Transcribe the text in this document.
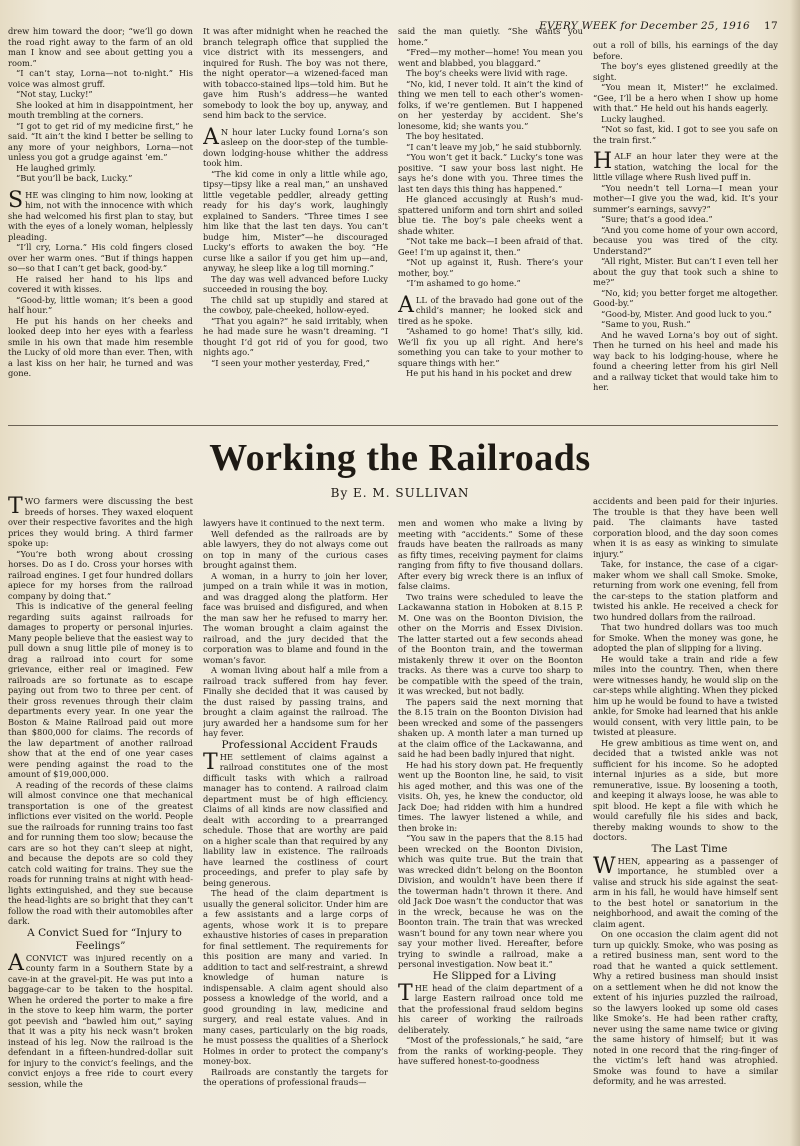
EVERY WEEK for December 25, 1916 17

drew him toward the door; “we’ll go down the road right away to the farm of an old man I know and see about getting you a room.”

“I can’t stay, Lorna—not to-night.” His voice was almost gruff.

“Not stay, Lucky!”

She looked at him in disappointment, her mouth trembling at the corners.

“I got to get rid of my medicine first,” he said. “It ain’t the kind I better be selling to any more of your neighbors, Lorna—not unless you got a grudge against ’em.”

He laughed grimly.

“But you’ll be back, Lucky.”

SHE was clinging to him now, looking at him, not with the innocence with which she had welcomed his first plan to stay, but with the eyes of a lonely woman, helplessly pleading.

“I’ll cry, Lorna.” His cold fingers closed over her warm ones. “But if things happen so—so that I can’t get back, good-by.”

He raised her hand to his lips and covered it with kisses.

“Good-by, little woman; it’s been a good half hour.”

He put his hands on her cheeks and looked deep into her eyes with a fearless smile in his own that made him resemble the Lucky of old more than ever. Then, with a last kiss on her hair, he turned and was gone.

It was after midnight when he reached the branch telegraph office that supplied the vice district with its messengers, and inquired for Rush. The boy was not there, the night operator—a wizened-faced man with tobacco-stained lips—told him. But he gave him Rush’s address—he wanted somebody to look the boy up, anyway, and send him back to the service.

A N hour later Lucky found Lorna’s son asleep on the door-step of the tumble-down lodging-house whither the address took him.

“The kid come in only a little while ago, tipsy—tipsy like a real man,” an unshaved little vegetable peddler, already getting ready for his day’s work, laughingly explained to Sanders. “Three times I see him like that the last ten days. You can’t budge him, Mister”—he discouraged Lucky’s efforts to awaken the boy. “He curse like a sailor if you get him up—and, anyway, he sleep like a log till morning.”

The day was well advanced before Lucky succeeded in rousing the boy.

The child sat up stupidly and stared at the cowboy, pale-cheeked, hollow-eyed.

“That you again?” he said irritably, when he had made sure he wasn’t dreaming. “I thought I’d got rid of you for good, two nights ago.”

“I seen your mother yesterday, Fred,”

said the man quietly. “She wants you home.”

“Fred—my mother—home! You mean you went and blabbed, you blaggard.”

The boy’s cheeks were livid with rage.

“No, kid, I never told. It ain’t the kind of thing we men tell to each other’s women-folks, if we’re gentlemen. But I happened on her yesterday by accident. She’s lonesome, kid; she wants you.”

The boy hesitated.

“I can’t leave my job,” he said stubbornly.

“You won’t get it back.” Lucky’s tone was positive. “I saw your boss last night. He says he’s done with you. Three times the last ten days this thing has happened.”

He glanced accusingly at Rush’s mud-spattered uniform and torn shirt and soiled blue tie. The boy’s pale cheeks went a shade whiter.

“Not take me back—I been afraid of that. Gee! I’m up against it, then.”

“Not up against it, Rush. There’s your mother, boy.”

“I’m ashamed to go home.”

ALL of the bravado had gone out of the child’s manner; he looked sick and tired as he spoke.

“Ashamed to go home! That’s silly, kid. We’ll fix you up all right. And here’s something you can take to your mother to square things with her.”

He put his hand in his pocket and drew

out a roll of bills, his earnings of the day before.

The boy’s eyes glistened greedily at the sight.

“You mean it, Mister!” he exclaimed. “Gee, I’ll be a hero when I show up home with that.” He held out his hands eagerly.

Lucky laughed.

“Not so fast, kid. I got to see you safe on the train first.”

HALF an hour later they were at the station, watching the local for the little village where Rush lived puff in.

“You needn’t tell Lorna—I mean your mother—I give you the wad, kid. It’s your summer’s earnings, savvy?”

“Sure; that’s a good idea.”

“And you come home of your own accord, because you was tired of the city. Understand?”

“All right, Mister. But can’t I even tell her about the guy that took such a shine to me?”

“No, kid; you better forget me altogether. Good-by.”

“Good-by, Mister. And good luck to you.”

“Same to you, Rush.”

And he waved Lorna’s boy out of sight. Then he turned on his heel and made his way back to his lodging-house, where he found a cheering letter from his girl Nell and a railway ticket that would take him to her.

Working the Railroads
By E. M. SULLIVAN

TWO farmers were discussing the best breeds of horses. They waxed eloquent over their respective favorites and the high prices they would bring. A third farmer spoke up:

“You’re both wrong about crossing horses. Do as I do. Cross your horses with railroad engines. I get four hundred dollars apiece for my horses from the railroad company by doing that.”

This is indicative of the general feeling regarding suits against railroads for damages to property or personal injuries. Many people believe that the easiest way to pull down a snug little pile of money is to drag a railroad into court for some grievance, either real or imagined. Few railroads are so fortunate as to escape paying out from two to three per cent. of their gross revenues through their claim departments every year. In one year the Boston & Maine Railroad paid out more than $800,000 for claims. The records of the law department of another railroad show that at the end of one year cases were pending against the road to the amount of $19,000,000.

A reading of the records of these claims will almost convince one that mechanical transportation is one of the greatest inflictions ever visited on the world. People sue the railroads for running trains too fast and for running them too slow; because the cars are so hot they can’t sleep at night, and because the depots are so cold they catch cold waiting for trains. They sue the roads for running trains at night with head-lights extinguished, and they sue because the head-lights are so bright that they can’t follow the road with their automobiles after dark.

A Convict Sued for “Injury to Feelings”

A CONVICT was injured recently on a county farm in a Southern State by a cave-in at the gravel-pit. He was put into a baggage-car to be taken to the hospital. When he ordered the porter to make a fire in the stove to keep him warm, the porter got peevish and “bawled him out,” saying that it was a pity his neck wasn’t broken instead of his leg. Now the railroad is the defendant in a fifteen-hundred-dollar suit for injury to the convict’s feelings, and the convict enjoys a free ride to court every session, while the

lawyers have it continued to the next term.

Well defended as the railroads are by able lawyers, they do not always come out on top in many of the curious cases brought against them.

A woman, in a hurry to join her lover, jumped on a train while it was in motion, and was dragged along the platform. Her face was bruised and disfigured, and when the man saw her he refused to marry her. The woman brought a claim against the railroad, and the jury decided that the corporation was to blame and found in the woman’s favor.

A woman living about half a mile from a railroad track suffered from hay fever. Finally she decided that it was caused by the dust raised by passing trains, and brought a claim against the railroad. The jury awarded her a handsome sum for her hay fever.

Professional Accident Frauds

THE settlement of claims against a railroad constitutes one of the most difficult tasks with which a railroad manager has to contend. A railroad claim department must be of high efficiency. Claims of all kinds are now classified and dealt with according to a prearranged schedule. Those that are worthy are paid on a higher scale than that required by any liability law in existence. The railroads have learned the costliness of court proceedings, and prefer to play safe by being generous.

The head of the claim department is usually the general solicitor. Under him are a few assistants and a large corps of agents, whose work it is to prepare exhaustive histories of cases in preparation for final settlement. The requirements for this position are many and varied. In addition to tact and self-restraint, a shrewd knowledge of human nature is indispensable. A claim agent should also possess a knowledge of the world, and a good grounding in law, medicine and surgery, and real estate values. And in many cases, particularly on the big roads, he must possess the qualities of a Sherlock Holmes in order to protect the company’s money-box.

Railroads are constantly the targets for the operations of professional frauds—

men and women who make a living by meeting with “accidents.” Some of these frauds have beaten the railroads as many as fifty times, receiving payment for claims ranging from fifty to five thousand dollars. After every big wreck there is an influx of false claims.

Two trains were scheduled to leave the Lackawanna station in Hoboken at 8.15 P. M. One was on the Boonton Division, the other on the Morris and Essex Division. The latter started out a few seconds ahead of the Boonton train, and the towerman mistakenly threw it over on the Boonton tracks. As there was a curve too sharp to be compatible with the speed of the train, it was wrecked, but not badly.

The papers said the next morning that the 8.15 train on the Boonton Division had been wrecked and some of the passengers shaken up. A month later a man turned up at the claim office of the Lackawanna, and said he had been badly injured that night.

He had his story down pat. He frequently went up the Boonton line, he said, to visit his aged mother, and this was one of the visits. Oh, yes, he knew the conductor, old Jack Doe; had ridden with him a hundred times. The lawyer listened a while, and then broke in:

“You saw in the papers that the 8.15 had been wrecked on the Boonton Division, which was quite true. But the train that was wrecked didn’t belong on the Boonton Division, and wouldn’t have been there if the towerman hadn’t thrown it there. And old Jack Doe wasn’t the conductor that was in the wreck, because he was on the Boonton train. The train that was wrecked wasn’t bound for any town near where you say your mother lived. Hereafter, before trying to swindle a railroad, make a personal investigation. Now beat it.”

He Slipped for a Living

THE head of the claim department of a large Eastern railroad once told me that the professional fraud seldom begins his career of working the railroads deliberately.

“Most of the professionals,” he said, “are from the ranks of working-people. They have suffered honest-to-goodness

accidents and been paid for their injuries. The trouble is that they have been well paid. The claimants have tasted corporation blood, and the day soon comes when it is as easy as winking to simulate injury.”

Take, for instance, the case of a cigar-maker whom we shall call Smoke. Smoke, returning from work one evening, fell from the car-steps to the station platform and twisted his ankle. He received a check for two hundred dollars from the railroad.

That two hundred dollars was too much for Smoke. When the money was gone, he adopted the plan of slipping for a living.

He would take a train and ride a few miles into the country. Then, when there were witnesses handy, he would slip on the car-steps while alighting. When they picked him up he would be found to have a twisted ankle, for Smoke had learned that his ankle would consent, with very little pain, to be twisted at pleasure.

He grew ambitious as time went on, and decided that a twisted ankle was not sufficient for his income. So he adopted internal injuries as a side, but more remunerative, issue. By loosening a tooth, and keeping it always loose, he was able to spit blood. He kept a file with which he would carefully file his sides and back, thereby making wounds to show to the doctors.

The Last Time

WHEN, appearing as a passenger of importance, he stumbled over a valise and struck his side against the seat-arm in his fall, he would have himself sent to the best hotel or sanatorium in the neighborhood, and await the coming of the claim agent.

On one occasion the claim agent did not turn up quickly. Smoke, who was posing as a retired business man, sent word to the road that he wanted a quick settlement. Why a retired business man should insist on a settlement when he did not know the extent of his injuries puzzled the railroad, so the lawyers looked up some old cases like Smoke’s. He had been rather crafty, never using the same name twice or giving the same history of himself; but it was noted in one record that the ring-finger of the victim’s left hand was atrophied. Smoke was found to have a similar deformity, and he was arrested.
